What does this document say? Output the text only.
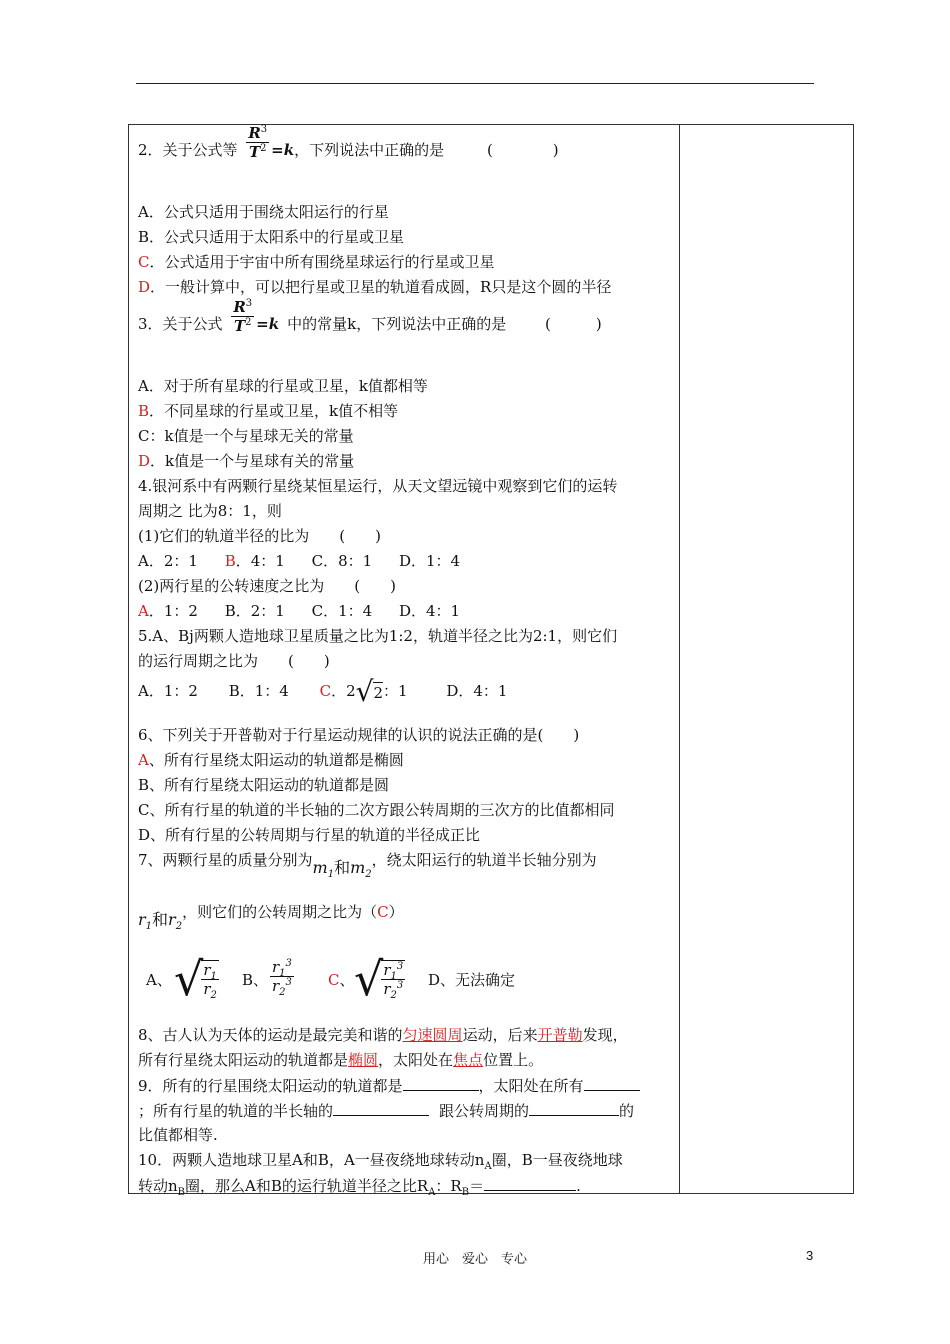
2．关于公式等 $\frac{R^3}{T^2} =k$，下列说法中正确的是	(　　　　)
A．公式只适用于围绕太阳运行的行星
B．公式只适用于太阳系中的行星或卫星
C．公式适用于宇宙中所有围绕星球运行的行星或卫星
D．一般计算中，可以把行星或卫星的轨道看成圆，R只是这个圆的半径
3．关于公式 $\frac{R^3}{T^2} =k$ 中的常量k，下列说法中正确的是	(　　　)
A．对于所有星球的行星或卫星，k值都相等
B．不同星球的行星或卫星，k值不相等
C：k值是一个与星球无关的常量
D．k值是一个与星球有关的常量
4.银河系中有两颗行星绕某恒星运行，从天文望远镜中观察到它们的运转
周期之 比为8：1，则
(1)它们的轨道半径的比为　　(　　)
A．2：1 B．4：1 C．8：1 D．1：4
(2)两行星的公转速度之比为　　(　　)
A．1：2 B．2：1 C．1：4 D．4：1
5.A、Bj两颗人造地球卫星质量之比为1:2，轨道半径之比为2:1，则它们
的运行周期之比为　　(　　)
A．1：2 B．1：4 C．2√2：1	D．4：1
6、下列关于开普勒对于行星运动规律的认识的说法正确的是(　　)
A、所有行星绕太阳运动的轨道都是椭圆
B、所有行星绕太阳运动的轨道都是圆
C、所有行星的轨道的半长轴的二次方跟公转周期的三次方的比值都相同
D、所有行星的公转周期与行星的轨道的半径成正比
7、两颗行星的质量分别为$m_1$和$m_2$，绕太阳运行的轨道半长轴分别为
$r_1$和$r_2$，则它们的公转周期之比为（C）
A、 √
$\frac{r_1}{r_2}$ B、 $\frac{r_1^3}{r_2^3}$ C、 √
$\frac{r_1^3}{r_2^3}$ D、无法确定
8、古人认为天体的运动是最完美和谐的匀速圆周运动，后来开普勒发现，
所有行星绕太阳运动的轨道都是椭圆，太阳处在焦点位置上。
9．所有的行星围绕太阳运动的轨道都是	，太阳处在所有
；所有行星的轨道的半长轴的	跟公转周期的	的
比值都相等.
10．两颗人造地球卫星A和B，A一昼夜绕地球转动$n_A$圈，B一昼夜绕地球
转动$n_B$圈，那么A和B的运行轨道半径之比$R_A$：$R_B=$	.
用心　爱心　专心	3
